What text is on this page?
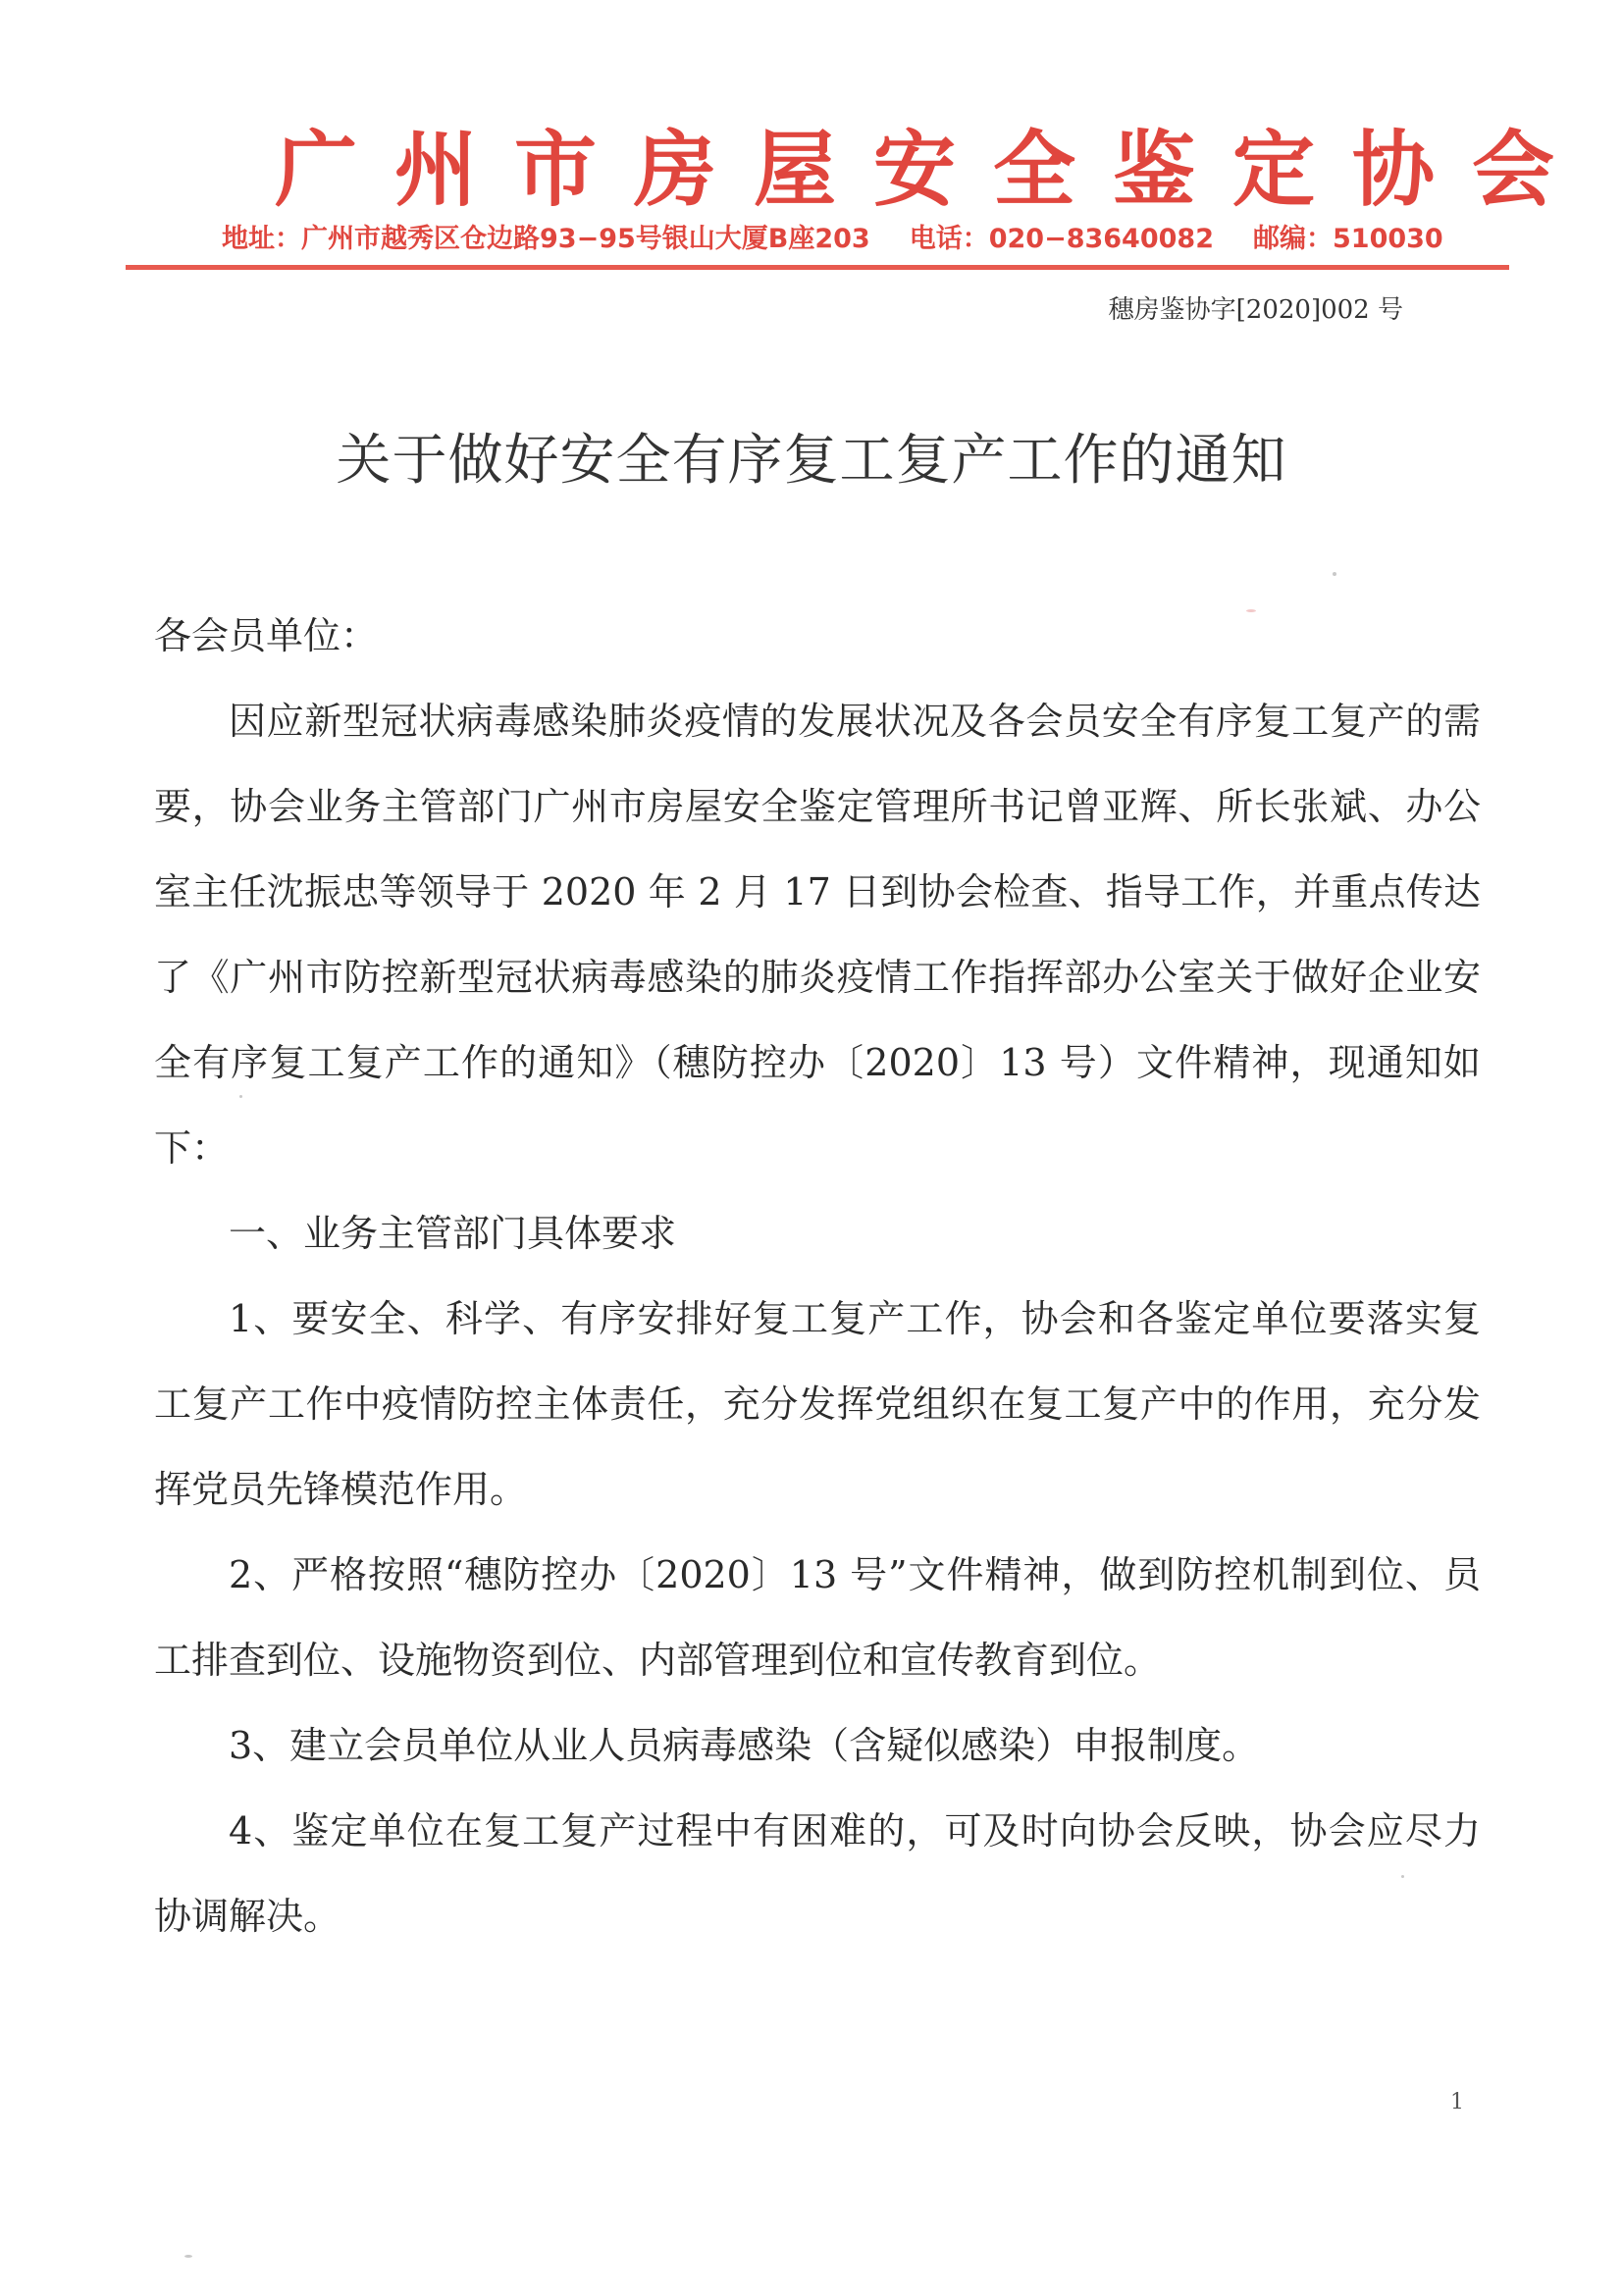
广州市房屋安全鉴定协会
地址：广州市越秀区仓边路93−95号银山大厦B座203 电话：020−83640082 邮编：510030
穗房鉴协字[2020]002 号
关于做好安全有序复工复产工作的通知

各会员单位：

因应新型冠状病毒感染肺炎疫情的发展状况及各会员安全有序复工复产的需要，协会业务主管部门广州市房屋安全鉴定管理所书记曾亚辉、所长张斌、办公室主任沈振忠等领导于 2020 年 2 月 17 日到协会检查、指导工作，并重点传达了《广州市防控新型冠状病毒感染的肺炎疫情工作指挥部办公室关于做好企业安全有序复工复产工作的通知》（穗防控办〔2020〕13 号）文件精神，现通知如下：

一、业务主管部门具体要求

1、要安全、科学、有序安排好复工复产工作，协会和各鉴定单位要落实复工复产工作中疫情防控主体责任，充分发挥党组织在复工复产中的作用，充分发挥党员先锋模范作用。

2、严格按照“穗防控办〔2020〕13 号”文件精神，做到防控机制到位、员工排查到位、设施物资到位、内部管理到位和宣传教育到位。

3、建立会员单位从业人员病毒感染（含疑似感染）申报制度。

4、鉴定单位在复工复产过程中有困难的，可及时向协会反映，协会应尽力协调解决。

1
